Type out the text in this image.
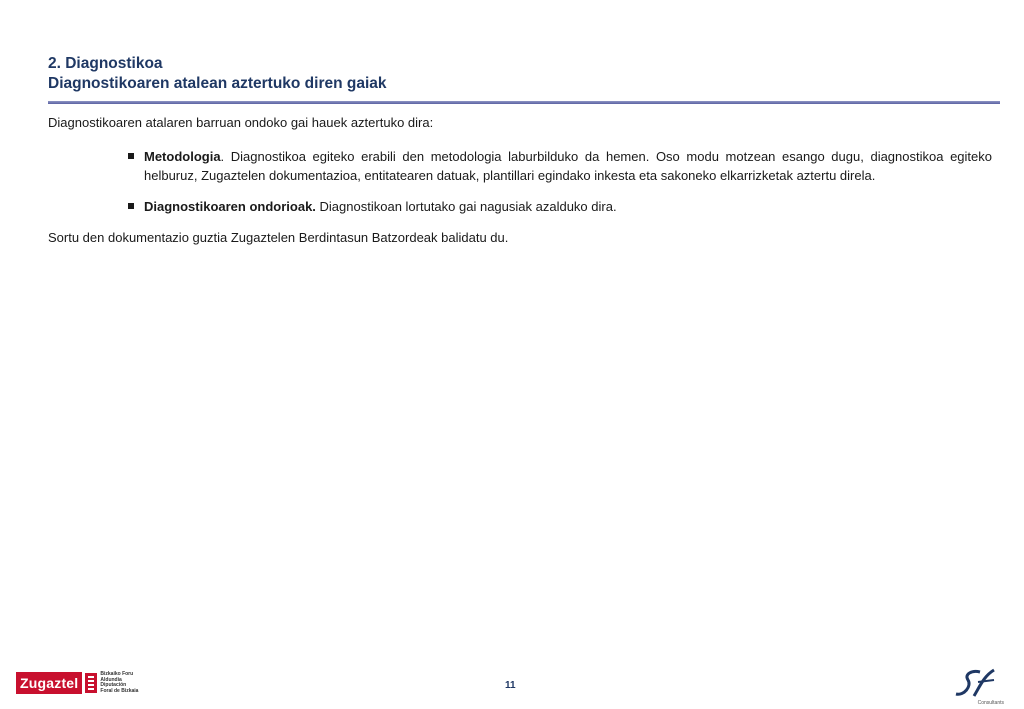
2. Diagnostikoa
Diagnostikoaren atalean aztertuko diren gaiak

Diagnostikoaren atalaren barruan ondoko gai hauek aztertuko dira:

Metodologia. Diagnostikoa egiteko erabili den metodologia laburbilduko da hemen. Oso modu motzean esango dugu, diagnostikoa egiteko helburuz, Zugaztelen dokumentazioa, entitatearen datuak, plantillari egindako inkesta eta sakoneko elkarrizketak aztertu direla.
Diagnostikoaren ondorioak. Diagnostikoan lortutako gai nagusiak azalduko dira.

Sortu den dokumentazio guztia Zugaztelen Berdintasun Batzordeak balidatu du.

Zugaztel
Bizkaiko Foru
Aldundia
Diputación
Foral de Bizkaia	11
Consultants
